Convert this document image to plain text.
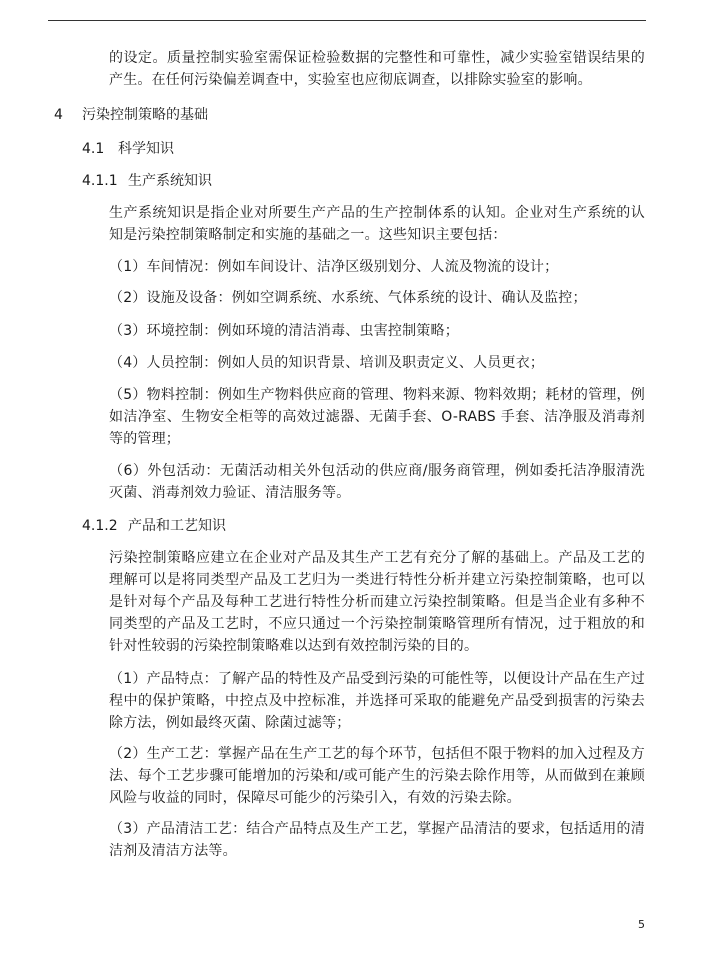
的设定。质量控制实验室需保证检验数据的完整性和可靠性，减少实验室错误结果的产生。在任何污染偏差调查中，实验室也应彻底调查，以排除实验室的影响。

4 污染控制策略的基础
4.1 科学知识
4.1.1 生产系统知识

生产系统知识是指企业对所要生产产品的生产控制体系的认知。企业对生产系统的认知是污染控制策略制定和实施的基础之一。这些知识主要包括：

（1）车间情况：例如车间设计、洁净区级别划分、人流及物流的设计；

（2）设施及设备：例如空调系统、水系统、气体系统的设计、确认及监控；

（3）环境控制：例如环境的清洁消毒、虫害控制策略；

（4）人员控制：例如人员的知识背景、培训及职责定义、人员更衣；

（5）物料控制：例如生产物料供应商的管理、物料来源、物料效期；耗材的管理，例如洁净室、生物安全柜等的高效过滤器、无菌手套、O-RABS 手套、洁净服及消毒剂等的管理；

（6）外包活动：无菌活动相关外包活动的供应商/服务商管理，例如委托洁净服清洗灭菌、消毒剂效力验证、清洁服务等。

4.1.2 产品和工艺知识

污染控制策略应建立在企业对产品及其生产工艺有充分了解的基础上。产品及工艺的理解可以是将同类型产品及工艺归为一类进行特性分析并建立污染控制策略，也可以是针对每个产品及每种工艺进行特性分析而建立污染控制策略。但是当企业有多种不同类型的产品及工艺时，不应只通过一个污染控制策略管理所有情况，过于粗放的和针对性较弱的污染控制策略难以达到有效控制污染的目的。

（1）产品特点：了解产品的特性及产品受到污染的可能性等，以便设计产品在生产过程中的保护策略，中控点及中控标准，并选择可采取的能避免产品受到损害的污染去除方法，例如最终灭菌、除菌过滤等；

（2）生产工艺：掌握产品在生产工艺的每个环节，包括但不限于物料的加入过程及方法、每个工艺步骤可能增加的污染和/或可能产生的污染去除作用等，从而做到在兼顾风险与收益的同时，保障尽可能少的污染引入，有效的污染去除。

（3）产品清洁工艺：结合产品特点及生产工艺，掌握产品清洁的要求，包括适用的清洁剂及清洁方法等。

5
